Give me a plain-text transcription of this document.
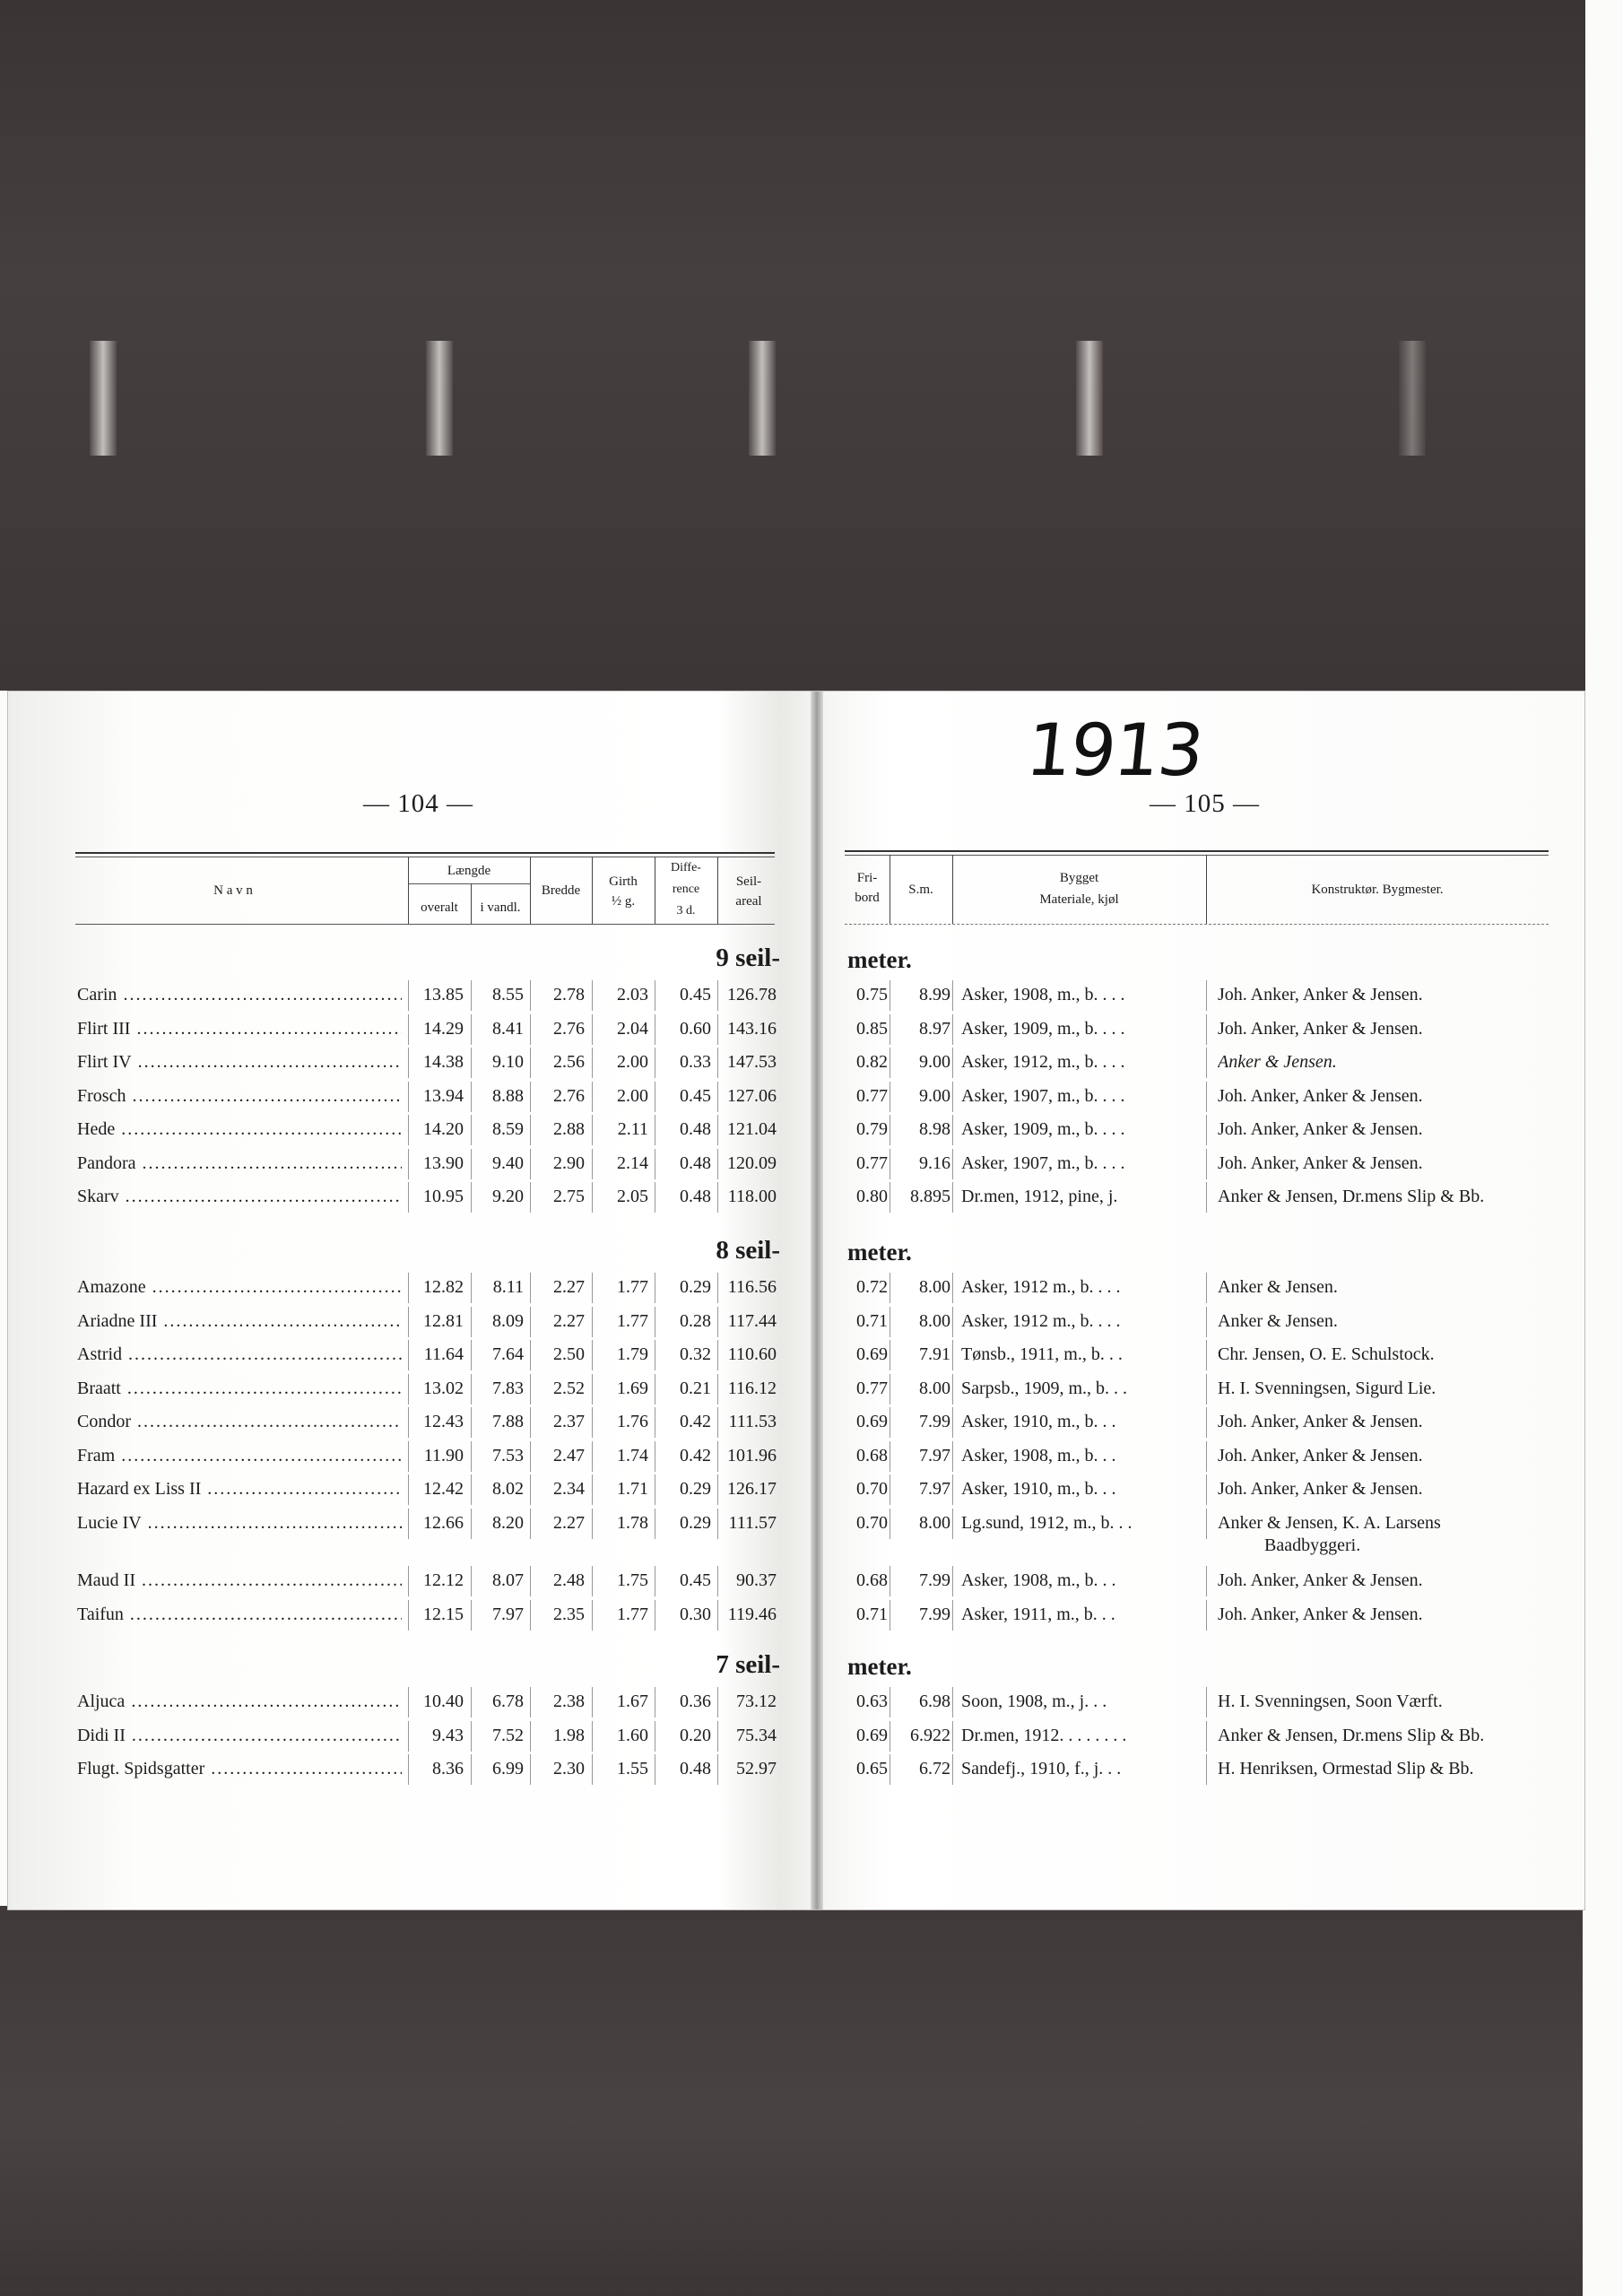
— 104 —	— 105 —
1913
N a v n
Længde
overalt	i vandl.
Bredde
Girth
½ g.
Diffe-
rence
3 d.
Seil-
areal
Fri-
bord
S.m.
Bygget
Materiale, kjøl
Konstruktør. Bygmester.
9 seil-	meter.
Carin .....	13.85	8.55	2.78	2.03	0.45 126.78	0.75	8.99 Asker, 1908, m., b. . . .	Joh. Anker, Anker & Jensen.
Flirt III .....	14.29	8.41	2.76	2.04	0.60 143.16	0.85	8.97 Asker, 1909, m., b. . . .	Joh. Anker, Anker & Jensen.
Flirt IV .....	14.38	9.10	2.56	2.00	0.33 147.53	0.82	9.00 Asker, 1912, m., b. . . .	Anker & Jensen.
Frosch .....	13.94	8.88	2.76	2.00	0.45 127.06	0.77	9.00 Asker, 1907, m., b. . . .	Joh. Anker, Anker & Jensen.
Hede .....	14.20	8.59	2.88	2.11	0.48 121.04	0.79	8.98 Asker, 1909, m., b. . . .	Joh. Anker, Anker & Jensen.
Pandora .....	13.90	9.40	2.90	2.14	0.48 120.09	0.77	9.16 Asker, 1907, m., b. . . .	Joh. Anker, Anker & Jensen.
Skarv .....	10.95	9.20	2.75	2.05	0.48 118.00	0.80	8.895 Dr.men, 1912, pine, j.	Anker & Jensen, Dr.mens Slip & Bb.
8 seil-	meter.
Amazone .....	12.82	8.11	2.27	1.77	0.29 116.56	0.72	8.00 Asker, 1912 m., b. . . .	Anker & Jensen.
Ariadne III .....	12.81	8.09	2.27	1.77	0.28 117.44	0.71	8.00 Asker, 1912 m., b. . . .	Anker & Jensen.
Astrid .....	11.64	7.64	2.50	1.79	0.32 110.60	0.69	7.91 Tønsb., 1911, m., b. . .	Chr. Jensen, O. E. Schulstock.
Braatt .....	13.02	7.83	2.52	1.69	0.21 116.12	0.77	8.00 Sarpsb., 1909, m., b. . .	H. I. Svenningsen, Sigurd Lie.
Condor .....	12.43	7.88	2.37	1.76	0.42 111.53	0.69	7.99 Asker, 1910, m., b. . .	Joh. Anker, Anker & Jensen.
Fram .....	11.90	7.53	2.47	1.74	0.42 101.96	0.68	7.97 Asker, 1908, m., b. . .	Joh. Anker, Anker & Jensen.
Hazard ex Liss II .....	12.42	8.02	2.34	1.71	0.29 126.17	0.70	7.97 Asker, 1910, m., b. . .	Joh. Anker, Anker & Jensen.
Lucie IV .....	12.66	8.20	2.27	1.78	0.29 111.57	0.70	8.00 Lg.sund, 1912, m., b. . .	Anker & Jensen, K. A. Larsens
Baadbyggeri.
Maud II .....	12.12	8.07	2.48	1.75	0.45	90.37	0.68	7.99 Asker, 1908, m., b. . .	Joh. Anker, Anker & Jensen.
Taifun .....	12.15	7.97	2.35	1.77	0.30 119.46	0.71	7.99 Asker, 1911, m., b. . .	Joh. Anker, Anker & Jensen.
7 seil-	meter.
Aljuca .....	10.40	6.78	2.38	1.67	0.36	73.12	0.63	6.98 Soon, 1908, m., j. . .	H. I. Svenningsen, Soon Værft.
Didi II .....	9.43	7.52	1.98	1.60	0.20	75.34	0.69	6.922 Dr.men, 1912. . . . . . . .	Anker & Jensen, Dr.mens Slip & Bb.
Flugt. Spidsgatter .....	8.36	6.99	2.30	1.55	0.48	52.97	0.65	6.72 Sandefj., 1910, f., j. . .	H. Henriksen, Ormestad Slip & Bb.
